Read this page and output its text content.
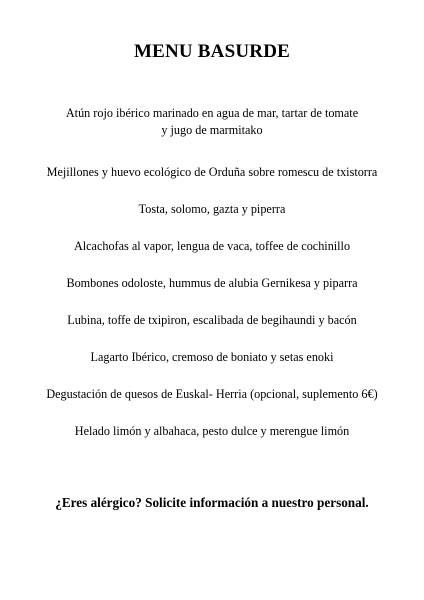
MENU BASURDE
Atún rojo ibérico marinado en agua de mar, tartar de tomate
y jugo de marmitako
Mejillones y huevo ecológico de Orduña sobre romescu de txistorra
Tosta, solomo, gazta y piperra
Alcachofas al vapor, lengua de vaca, toffee de cochinillo
Bombones odoloste, hummus de alubia Gernikesa y piparra
Lubina, toffe de txipiron, escalibada de begihaundi y bacón
Lagarto Ibérico, cremoso de boniato y setas enoki
Degustación de quesos de Euskal- Herria (opcional, suplemento 6€)
Helado limón y albahaca, pesto dulce y merengue limón
¿Eres alérgico? Solicite información a nuestro personal.
